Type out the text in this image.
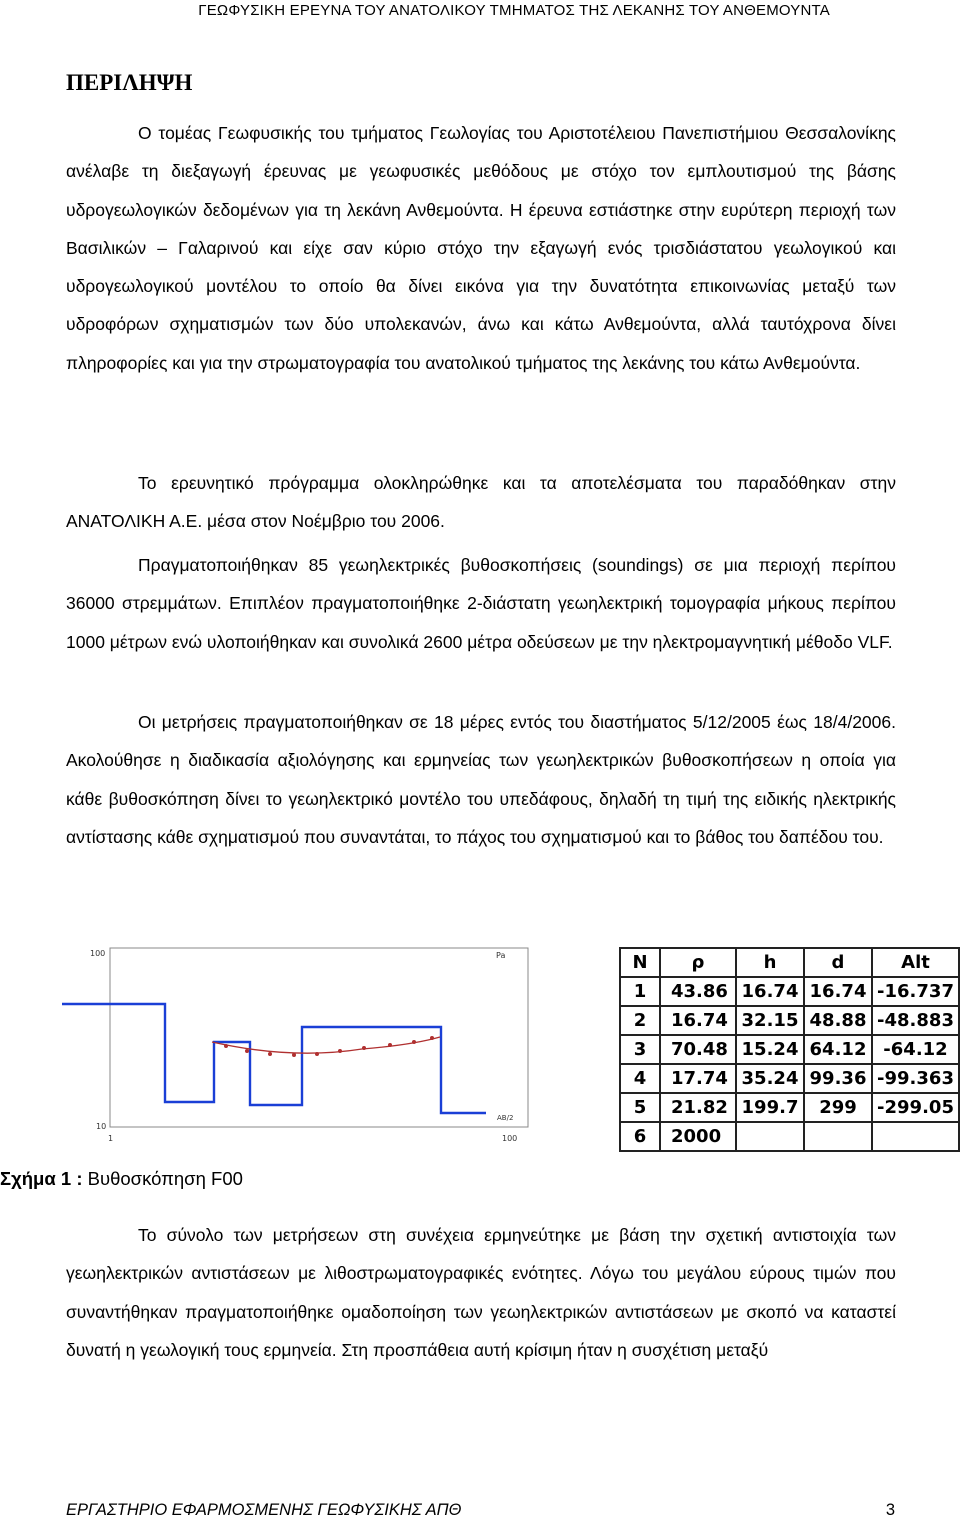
ΓΕΩΦΥΣΙΚΗ ΕΡΕΥΝΑ ΤΟΥ ΑΝΑΤΟΛΙΚΟΥ ΤΜΗΜΑΤΟΣ ΤΗΣ ΛΕΚΑΝΗΣ ΤΟΥ ΑΝΘΕΜΟΥΝΤΑ
ΠΕΡΙΛΗΨΗ

Ο τομέας Γεωφυσικής του τμήματος Γεωλογίας του Αριστοτέλειου Πανεπιστήμιου Θεσσαλονίκης ανέλαβε τη διεξαγωγή έρευνας με γεωφυσικές μεθόδους με στόχο τον εμπλουτισμού της βάσης υδρογεωλογικών δεδομένων για τη λεκάνη Ανθεμούντα. Η έρευνα εστιάστηκε στην ευρύτερη περιοχή των Βασιλικών – Γαλαρινού και είχε σαν κύριο στόχο την εξαγωγή ενός τρισδιάστατου γεωλογικού και υδρογεωλογικού μοντέλου το οποίο θα δίνει εικόνα για την δυνατότητα επικοινωνίας μεταξύ των υδροφόρων σχηματισμών των δύο υπολεκανών, άνω και κάτω Ανθεμούντα, αλλά ταυτόχρονα δίνει πληροφορίες και για την στρωματογραφία του ανατολικού τμήματος της λεκάνης του κάτω Ανθεμούντα.

Το ερευνητικό πρόγραμμα ολοκληρώθηκε και τα αποτελέσματα του παραδόθηκαν στην ΑΝΑΤΟΛΙΚΗ Α.Ε. μέσα στον Νοέμβριο του 2006.

Πραγματοποιήθηκαν 85 γεωηλεκτρικές βυθοσκοπήσεις (soundings) σε μια περιοχή περίπου 36000 στρεμμάτων. Επιπλέον πραγματοποιήθηκε 2-διάστατη γεωηλεκτρική τομογραφία μήκους περίπου 1000 μέτρων ενώ υλοποιήθηκαν και συνολικά 2600 μέτρα οδεύσεων με την ηλεκτρομαγνητική μέθοδο VLF.

Οι μετρήσεις πραγματοποιήθηκαν σε 18 μέρες εντός του διαστήματος 5/12/2005 έως 18/4/2006. Ακολούθησε η διαδικασία αξιολόγησης και ερμηνείας των γεωηλεκτρικών βυθοσκοπήσεων η οποία για κάθε βυθοσκόπηση δίνει το γεωηλεκτρικό μοντέλο του υπεδάφους, δηλαδή τη τιμή της ειδικής ηλεκτρικής αντίστασης κάθε σχηματισμού που συναντάται, το πάχος του σχηματισμού και το βάθος του δαπέδου του.

100
10
1	100
Pa
AB/2
N	ρ	h	d	Alt
1	43.86	16.74	16.74	-16.737
2	16.74	32.15	48.88	-48.883
3	70.48	15.24	64.12	-64.12
4	17.74	35.24	99.36	-99.363
5	21.82	199.7	299	-299.05
6	2000			
Σχήμα 1 : Βυθοσκόπηση F00

Το σύνολο των μετρήσεων στη συνέχεια ερμηνεύτηκε με βάση την σχετική αντιστοιχία των γεωηλεκτρικών αντιστάσεων με λιθοστρωματογραφικές ενότητες. Λόγω του μεγάλου εύρους τιμών που συναντήθηκαν πραγματοποιήθηκε ομαδοποίηση των γεωηλεκτρικών αντιστάσεων με σκοπό να καταστεί δυνατή η γεωλογική τους ερμηνεία. Στη προσπάθεια αυτή κρίσιμη ήταν η συσχέτιση μεταξύ

ΕΡΓΑΣΤΗΡΙΟ ΕΦΑΡΜΟΣΜΕΝΗΣ ΓΕΩΦΥΣΙΚΗΣ ΑΠΘ	3
